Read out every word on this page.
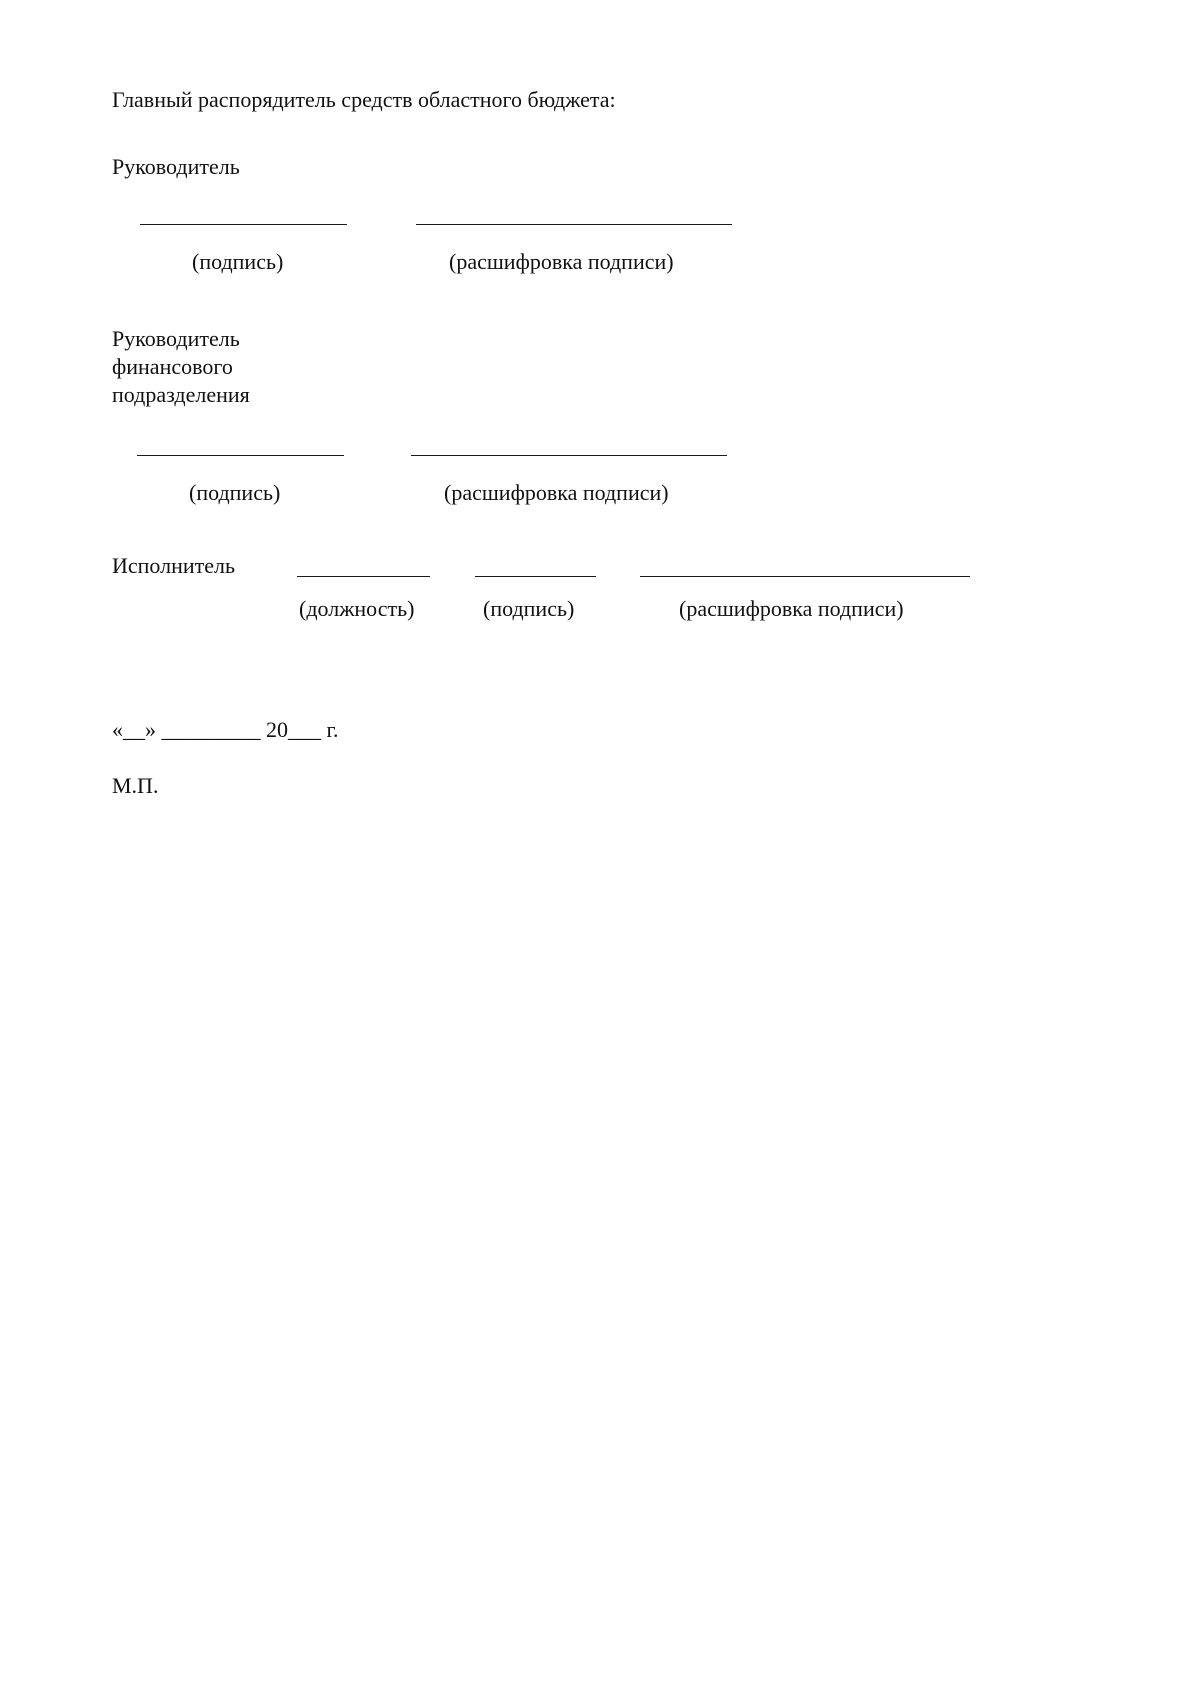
Главный распорядитель средств областного бюджета:
Руководитель
(подпись)	(расшифровка подписи)
Руководитель
финансового
подразделения
(подпись)	(расшифровка подписи)
Исполнитель
(должность)	(подпись)	(расшифровка подписи)
«__» _________ 20___ г.
М.П.
